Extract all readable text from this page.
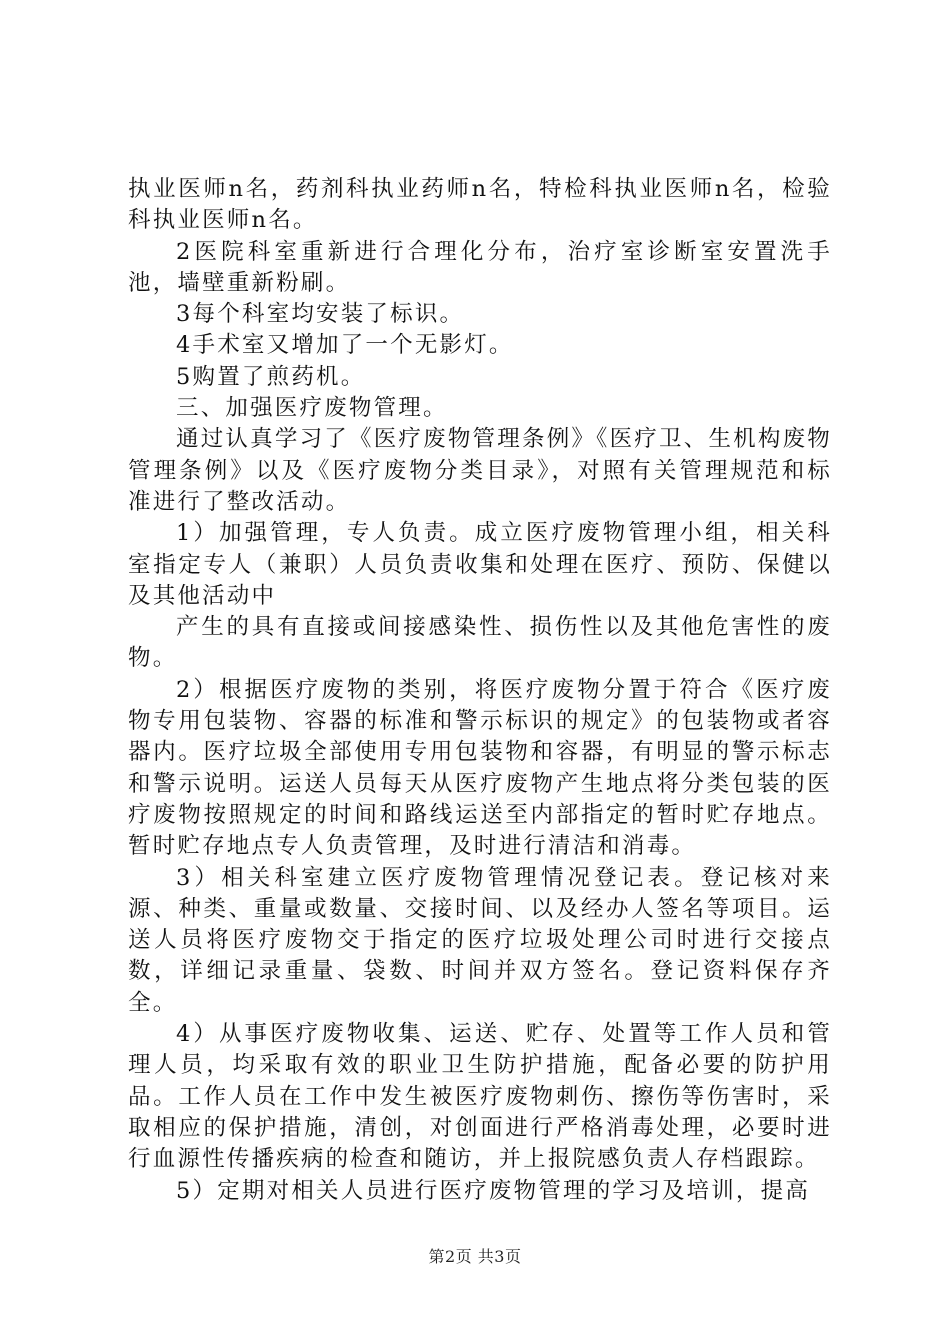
执业医师n名，药剂科执业药师n名，特检科执业医师n名，检验科执业医师n名。

2医院科室重新进行合理化分布，治疗室诊断室安置洗手池，墙壁重新粉刷。

3每个科室均安装了标识。

4手术室又增加了一个无影灯。

5购置了煎药机。

三、加强医疗废物管理。

通过认真学习了《医疗废物管理条例》《医疗卫、生机构废物管理条例》以及《医疗废物分类目录》，对照有关管理规范和标准进行了整改活动。

1）加强管理，专人负责。成立医疗废物管理小组，相关科室指定专人（兼职）人员负责收集和处理在医疗、预防、保健以及其他活动中

产生的具有直接或间接感染性、损伤性以及其他危害性的废物。

2）根据医疗废物的类别，将医疗废物分置于符合《医疗废物专用包装物、容器的标准和警示标识的规定》的包装物或者容器内。医疗垃圾全部使用专用包装物和容器，有明显的警示标志和警示说明。运送人员每天从医疗废物产生地点将分类包装的医疗废物按照规定的时间和路线运送至内部指定的暂时贮存地点。暂时贮存地点专人负责管理，及时进行清洁和消毒。

3）相关科室建立医疗废物管理情况登记表。登记核对来源、种类、重量或数量、交接时间、以及经办人签名等项目。运送人员将医疗废物交于指定的医疗垃圾处理公司时进行交接点数，详细记录重量、袋数、时间并双方签名。登记资料保存齐全。

4）从事医疗废物收集、运送、贮存、处置等工作人员和管理人员，均采取有效的职业卫生防护措施，配备必要的防护用品。工作人员在工作中发生被医疗废物刺伤、擦伤等伤害时，采取相应的保护措施，清创，对创面进行严格消毒处理，必要时进行血源性传播疾病的检查和随访，并上报院感负责人存档跟踪。

5）定期对相关人员进行医疗废物管理的学习及培训，提高

第2页 共3页
